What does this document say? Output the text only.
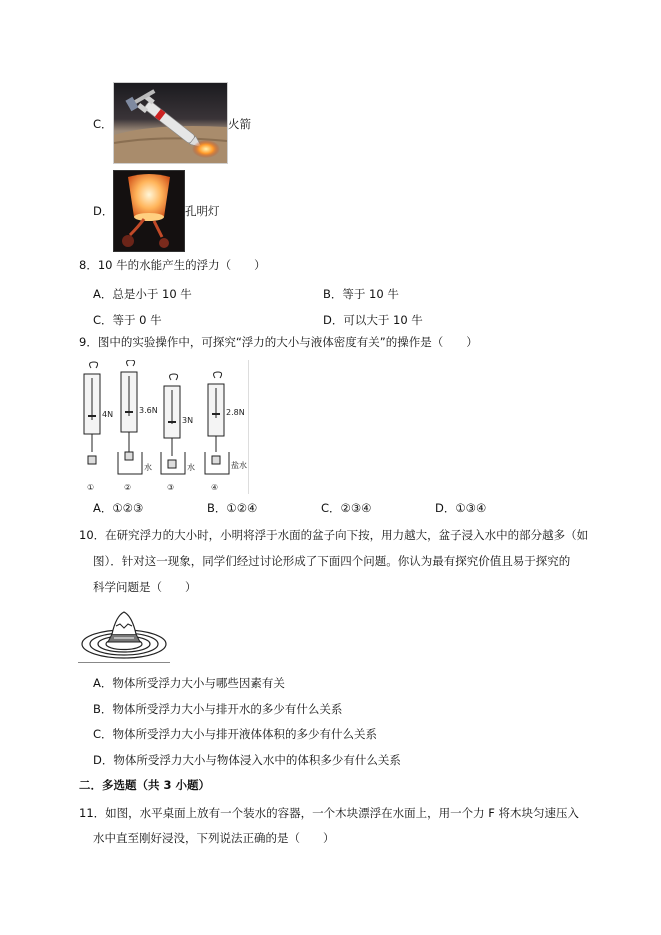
C．	火箭
D．	孔明灯
8．10 牛的水能产生的浮力（　　）
A．总是小于 10 牛	B．等于 10 牛
C．等于 0 牛	D．可以大于 10 牛
9．图中的实验操作中，可探究“浮力的大小与液体密度有关”的操作是（　　）
4N	3.6N
3N
2.8N
水	水	盐水
①	②	③	④
A．①②③	B．①②④	C．②③④	D．①③④
10．在研究浮力的大小时，小明将浮于水面的盆子向下按，用力越大，盆子浸入水中的部分越多（如
图）．针对这一现象，同学们经过讨论形成了下面四个问题。你认为最有探究价值且易于探究的
科学问题是（　　）
A．物体所受浮力大小与哪些因素有关
B．物体所受浮力大小与排开水的多少有什么关系
C．物体所受浮力大小与排开液体体积的多少有什么关系
D．物体所受浮力大小与物体浸入水中的体积多少有什么关系
二．多选题（共 3 小题）
11．如图，水平桌面上放有一个装水的容器，一个木块漂浮在水面上，用一个力 F 将木块匀速压入
水中直至刚好浸没，下列说法正确的是（　　）
